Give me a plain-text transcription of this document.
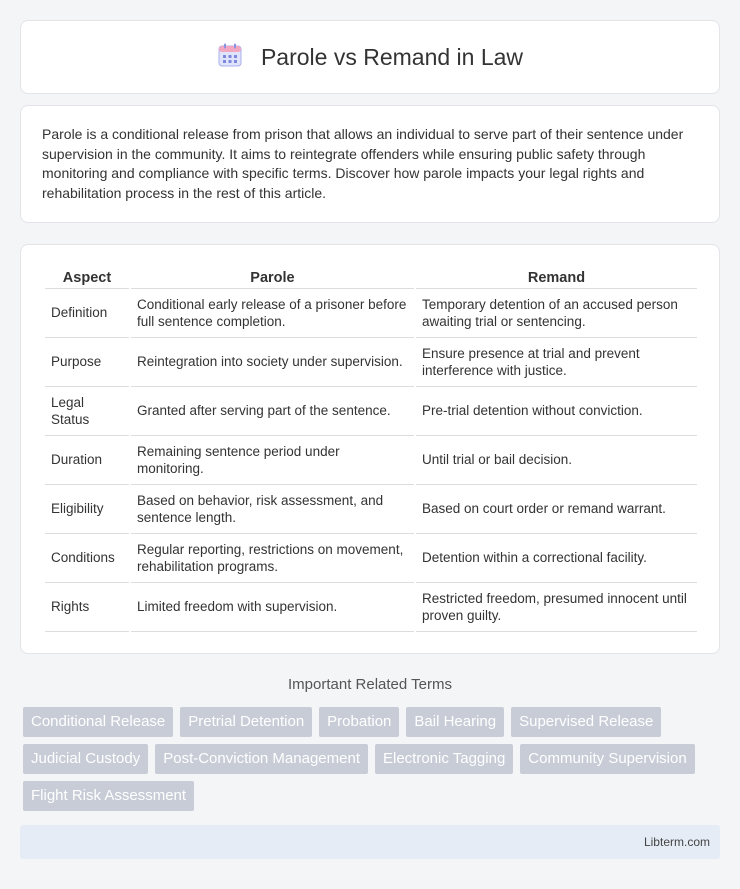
Parole vs Remand in Law

Parole is a conditional release from prison that allows an individual to serve part of their sentence under supervision in the community. It aims to reintegrate offenders while ensuring public safety through monitoring and compliance with specific terms. Discover how parole impacts your legal rights and rehabilitation process in the rest of this article.

Aspect	Parole	Remand
Definition	Conditional early release of a prisoner before full sentence completion.	Temporary detention of an accused person awaiting trial or sentencing.
Purpose	Reintegration into society under supervision.	Ensure presence at trial and prevent interference with justice.
Legal Status	Granted after serving part of the sentence.	Pre-trial detention without conviction.
Duration	Remaining sentence period under monitoring.	Until trial or bail decision.
Eligibility	Based on behavior, risk assessment, and sentence length.	Based on court order or remand warrant.
Conditions	Regular reporting, restrictions on movement, rehabilitation programs.	Detention within a correctional facility.
Rights	Limited freedom with supervision.	Restricted freedom, presumed innocent until proven guilty.
Important Related Terms
Conditional Release	Pretrial Detention	Probation	Bail Hearing	Supervised Release
Judicial Custody	Post-Conviction Management	Electronic Tagging	Community Supervision
Flight Risk Assessment
Libterm.com
